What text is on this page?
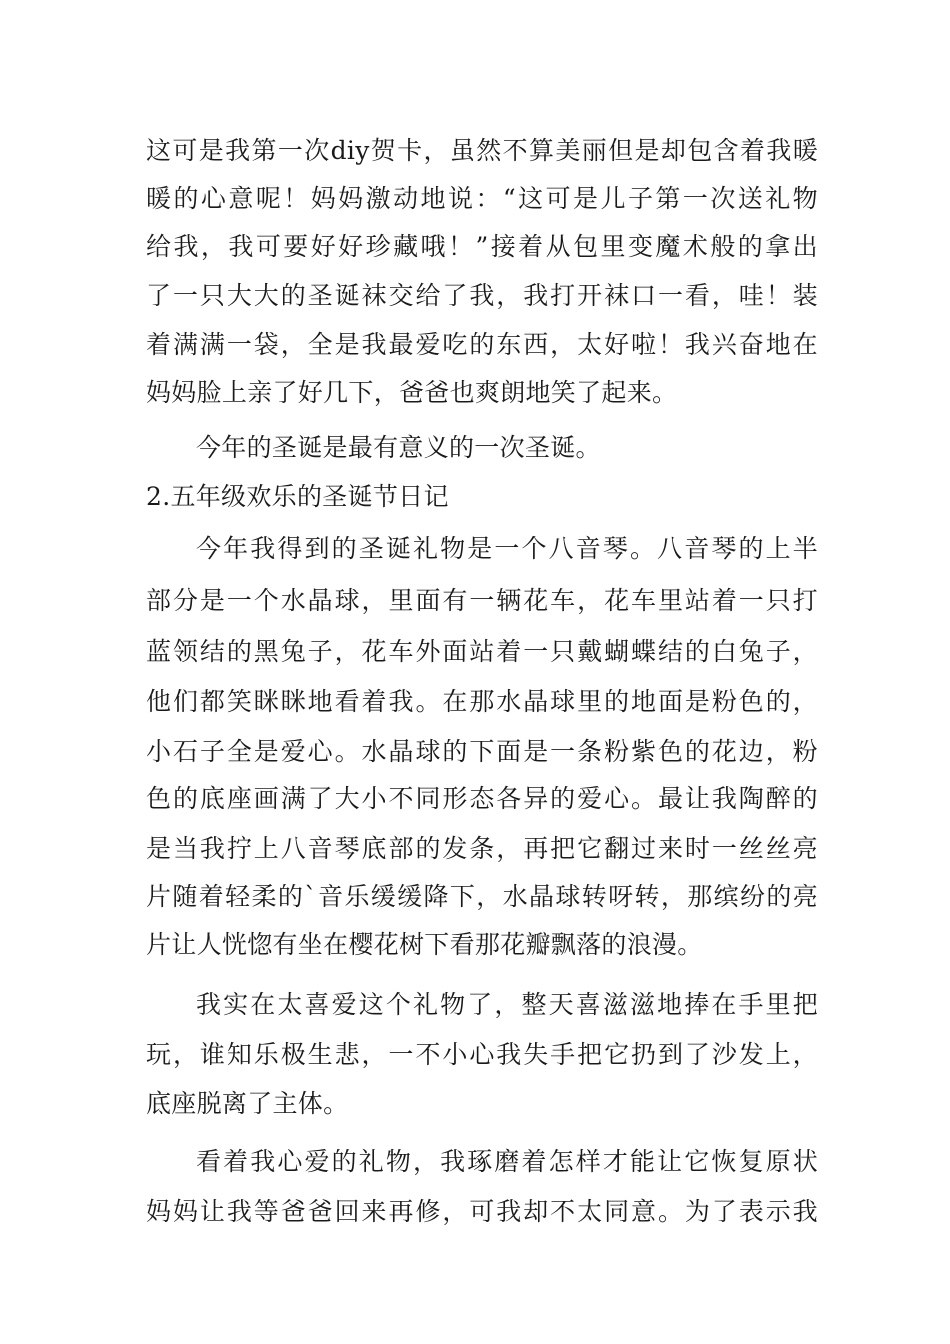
这可是我第一次diy贺卡，虽然不算美丽但是却包含着我暖
暖的心意呢！妈妈激动地说：“这可是儿子第一次送礼物
给我，我可要好好珍藏哦！”接着从包里变魔术般的拿出
了一只大大的圣诞袜交给了我，我打开袜口一看，哇！装
着满满一袋，全是我最爱吃的东西，太好啦！我兴奋地在
妈妈脸上亲了好几下，爸爸也爽朗地笑了起来。
今年的圣诞是最有意义的一次圣诞。
2.五年级欢乐的圣诞节日记
今年我得到的圣诞礼物是一个八音琴。八音琴的上半
部分是一个水晶球，里面有一辆花车，花车里站着一只打
蓝领结的黑兔子，花车外面站着一只戴蝴蝶结的白兔子，
他们都笑眯眯地看着我。在那水晶球里的地面是粉色的，
小石子全是爱心。水晶球的下面是一条粉紫色的花边，粉
色的底座画满了大小不同形态各异的爱心。最让我陶醉的
是当我拧上八音琴底部的发条，再把它翻过来时一丝丝亮
片随着轻柔的`音乐缓缓降下，水晶球转呀转，那缤纷的亮
片让人恍惚有坐在樱花树下看那花瓣飘落的浪漫。
我实在太喜爱这个礼物了，整天喜滋滋地捧在手里把
玩，谁知乐极生悲，一不小心我失手把它扔到了沙发上，
底座脱离了主体。
看着我心爱的礼物，我琢磨着怎样才能让它恢复原状
妈妈让我等爸爸回来再修，可我却不太同意。为了表示我
